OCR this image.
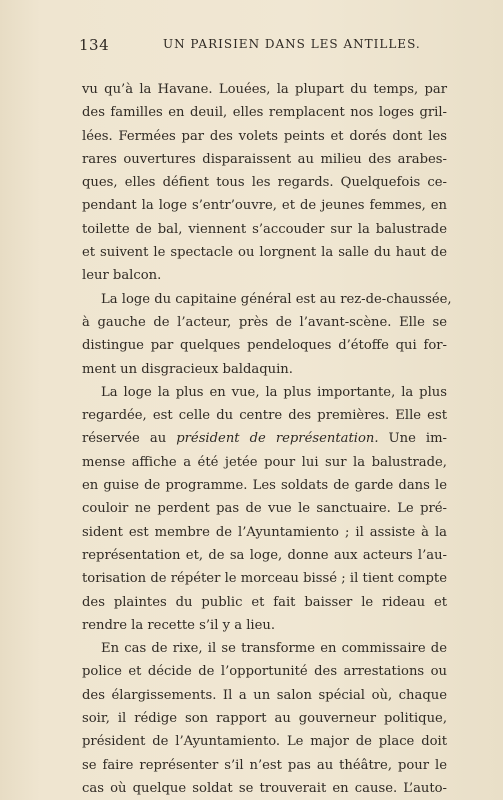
134	UN PARISIEN DANS LES ANTILLES.

vu qu’à la Havane. Louées, la plupart du temps, par
des familles en deuil, elles remplacent nos loges gril-
lées. Fermées par des volets peints et dorés dont les
rares ouvertures disparaissent au milieu des arabes-
ques, elles défient tous les regards. Quelquefois ce-
pendant la loge s’entr’ouvre, et de jeunes femmes, en
toilette de bal, viennent s’accouder sur la balustrade
et suivent le spectacle ou lorgnent la salle du haut de
leur balcon.

La loge du capitaine général est au rez-de-chaussée,
à gauche de l’acteur, près de l’avant-scène. Elle se
distingue par quelques pendeloques d’étoffe qui for-
ment un disgracieux baldaquin.

La loge la plus en vue, la plus importante, la plus
regardée, est celle du centre des premières. Elle est
réservée au président de représentation. Une im-
mense affiche a été jetée pour lui sur la balustrade,
en guise de programme. Les soldats de garde dans le
couloir ne perdent pas de vue le sanctuaire. Le pré-
sident est membre de l’Ayuntamiento ; il assiste à la
représentation et, de sa loge, donne aux acteurs l’au-
torisation de répéter le morceau bissé ; il tient compte
des plaintes du public et fait baisser le rideau et
rendre la recette s’il y a lieu.

En cas de rixe, il se transforme en commissaire de
police et décide de l’opportunité des arrestations ou
des élargissements. Il a un salon spécial où, chaque
soir, il rédige son rapport au gouverneur politique,
président de l’Ayuntamiento. Le major de place doit
se faire représenter s’il n’est pas au théâtre, pour le
cas où quelque soldat se trouverait en cause. L’auto-
